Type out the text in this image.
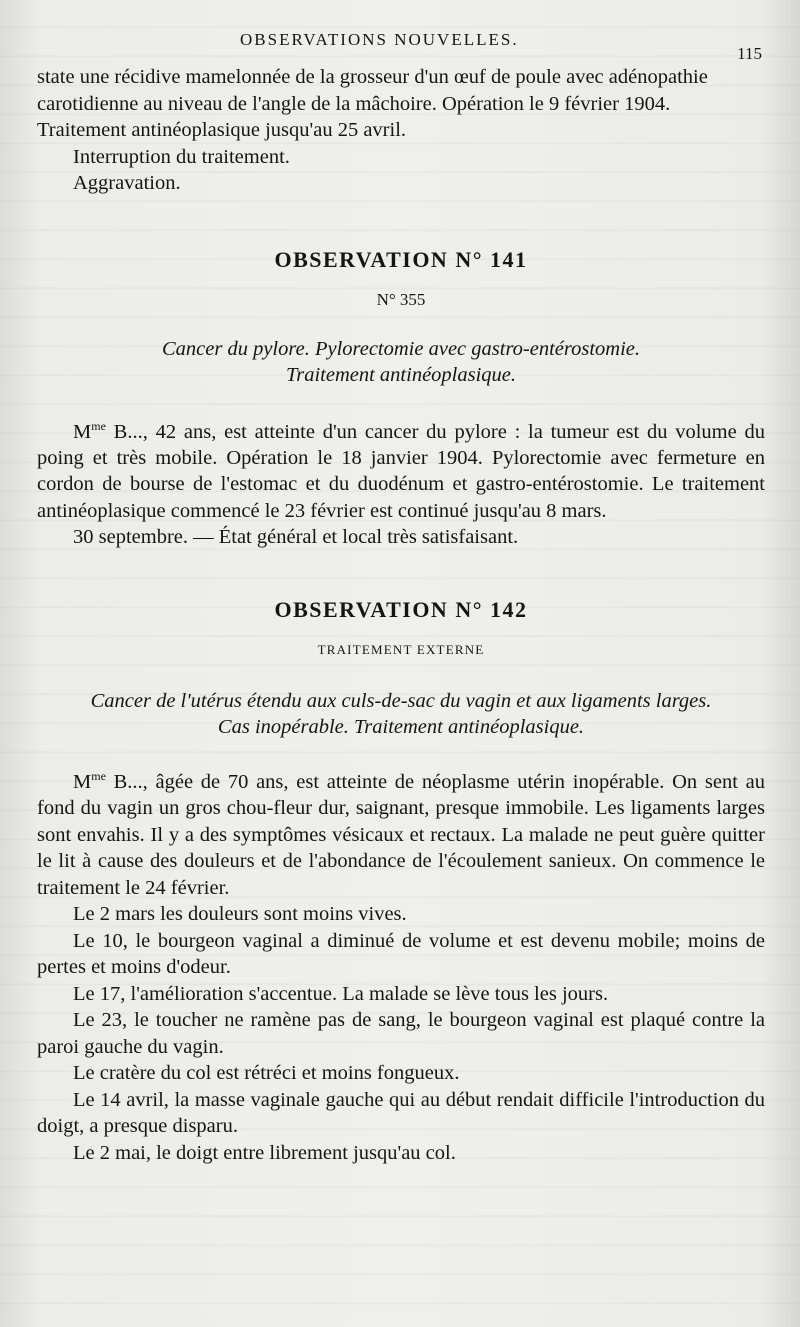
OBSERVATIONS NOUVELLES.
115

state une récidive mamelonnée de la grosseur d'un œuf de poule avec adénopathie
carotidienne au niveau de l'angle de la mâchoire. Opération le 9 février 1904.
Traitement antinéoplasique jusqu'au 25 avril.

Interruption du traitement.

Aggravation.

OBSERVATION N° 141

N° 355

Cancer du pylore. Pylorectomie avec gastro-entérostomie.

Traitement antinéoplasique.

$M^{me}$ B..., 42 ans, est atteinte d'un cancer du pylore : la tumeur est du volume du poing et très mobile. Opération le 18 janvier 1904. Pylorectomie avec fermeture en cordon de bourse de l'estomac et du duodénum et gastro-entérostomie. Le traitement antinéoplasique commencé le 23 février est continué jusqu'au 8 mars.

30 septembre. — État général et local très satisfaisant.

OBSERVATION N° 142

TRAITEMENT EXTERNE

Cancer de l'utérus étendu aux culs-de-sac du vagin et aux ligaments larges.

Cas inopérable. Traitement antinéoplasique.

$M^{me}$ B..., âgée de 70 ans, est atteinte de néoplasme utérin inopérable. On sent au fond du vagin un gros chou-fleur dur, saignant, presque immobile. Les ligaments larges sont envahis. Il y a des symptômes vésicaux et rectaux. La malade ne peut guère quitter le lit à cause des douleurs et de l'abondance de l'écoulement sanieux. On commence le traitement le 24 février.

Le 2 mars les douleurs sont moins vives.

Le 10, le bourgeon vaginal a diminué de volume et est devenu mobile; moins de pertes et moins d'odeur.

Le 17, l'amélioration s'accentue. La malade se lève tous les jours.

Le 23, le toucher ne ramène pas de sang, le bourgeon vaginal est plaqué contre la paroi gauche du vagin.

Le cratère du col est rétréci et moins fongueux.

Le 14 avril, la masse vaginale gauche qui au début rendait difficile l'introduction du doigt, a presque disparu.

Le 2 mai, le doigt entre librement jusqu'au col.
